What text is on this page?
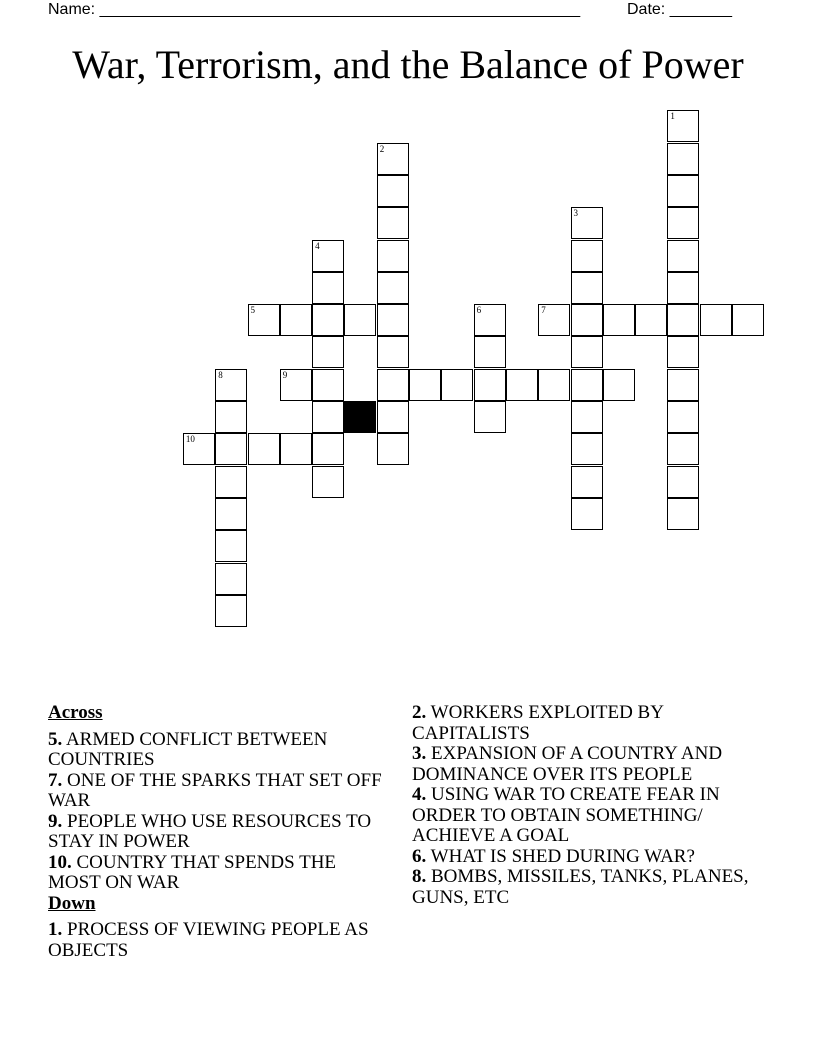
Name: ______________________________________________________	Date: _______
War, Terrorism, and the Balance of Power
1
2
3
4
5	7
6
8	9
10

Across

5. ARMED CONFLICT BETWEEN COUNTRIES

7. ONE OF THE SPARKS THAT SET OFF WAR

9. PEOPLE WHO USE RESOURCES TO STAY IN POWER

10. COUNTRY THAT SPENDS THE MOST ON WAR

Down

1. PROCESS OF VIEWING PEOPLE AS OBJECTS

2. WORKERS EXPLOITED BY CAPITALISTS

3. EXPANSION OF A COUNTRY AND DOMINANCE OVER ITS PEOPLE

4. USING WAR TO CREATE FEAR IN ORDER TO OBTAIN SOMETHING/ ACHIEVE A GOAL

6. WHAT IS SHED DURING WAR?

8. BOMBS, MISSILES, TANKS, PLANES, GUNS, ETC
